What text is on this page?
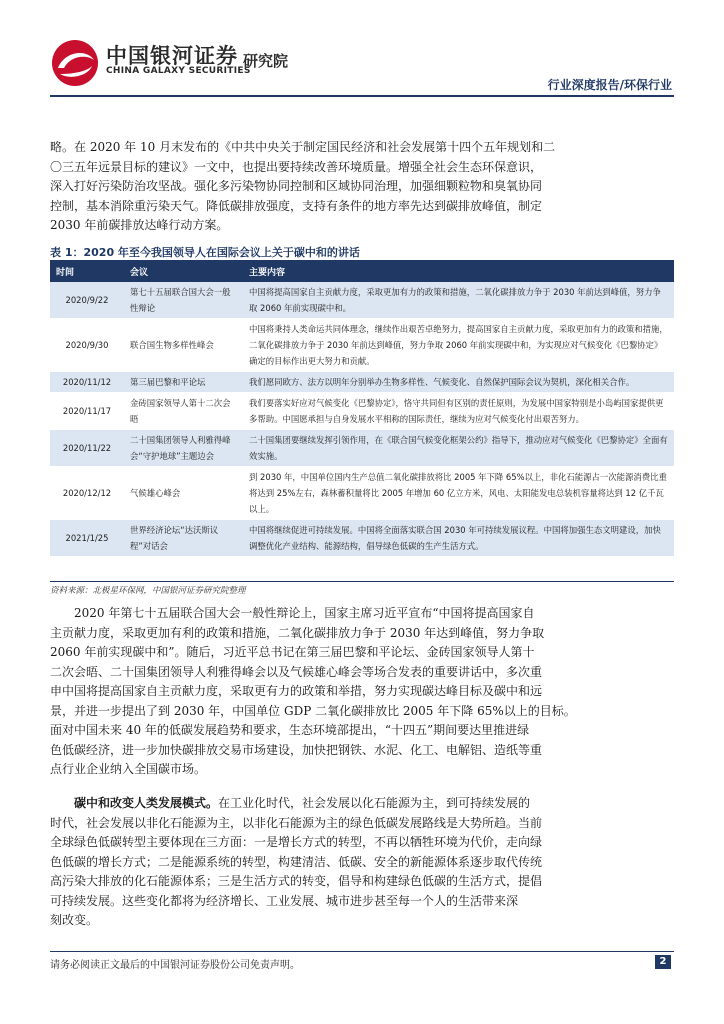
中国银河证券 研究院
CHINA GALAXY SECURITIES
行业深度报告/环保行业
略。在 2020 年 10 月末发布的《中共中央关于制定国民经济和社会发展第十四个五年规划和二
〇三五年远景目标的建议》一文中，也提出要持续改善环境质量。增强全社会生态环保意识，
深入打好污染防治攻坚战。强化多污染物协同控制和区域协同治理，加强细颗粒物和臭氧协同
控制，基本消除重污染天气。降低碳排放强度，支持有条件的地方率先达到碳排放峰值，制定
2030 年前碳排放达峰行动方案。
表 1：2020 年至今我国领导人在国际会议上关于碳中和的讲话
时间	会议	主要内容
2020/9/22	第七十五届联合国大会一般性辩论	中国将提高国家自主贡献力度，采取更加有力的政策和措施，二氧化碳排放力争于 2030 年前达到峰值，努力争取 2060 年前实现碳中和。
2020/9/30	联合国生物多样性峰会	中国将秉持人类命运共同体理念，继续作出艰苦卓绝努力，提高国家自主贡献力度，采取更加有力的政策和措施，二氧化碳排放力争于 2030 年前达到峰值，努力争取 2060 年前实现碳中和，为实现应对气候变化《巴黎协定》确定的目标作出更大努力和贡献。
2020/11/12	第三届巴黎和平论坛	我们愿同欧方、法方以明年分别举办生物多样性、气候变化、自然保护国际会议为契机，深化相关合作。
2020/11/17	金砖国家领导人第十二次会晤	我们要落实好应对气候变化《巴黎协定》，恪守共同但有区别的责任原则，为发展中国家特别是小岛屿国家提供更多帮助。中国愿承担与自身发展水平相称的国际责任，继续为应对气候变化付出艰苦努力。
2020/11/22	二十国集团领导人利雅得峰会“守护地球”主题边会	二十国集团要继续发挥引领作用，在《联合国气候变化框架公约》指导下，推动应对气候变化《巴黎协定》全面有效实施。
2020/12/12	气候雄心峰会	到 2030 年，中国单位国内生产总值二氧化碳排放将比 2005 年下降 65%以上，非化石能源占一次能源消费比重将达到 25%左右，森林蓄积量将比 2005 年增加 60 亿立方米，风电、太阳能发电总装机容量将达到 12 亿千瓦以上。
2021/1/25	世界经济论坛“达沃斯议程”对话会	中国将继续促进可持续发展。中国将全面落实联合国 2030 年可持续发展议程。中国将加强生态文明建设，加快调整优化产业结构、能源结构，倡导绿色低碳的生产生活方式。
资料来源：北极星环保网，中国银河证券研究院整理
2020 年第七十五届联合国大会一般性辩论上，国家主席习近平宣布“中国将提高国家自
主贡献力度，采取更加有利的政策和措施，二氧化碳排放力争于 2030 年达到峰值，努力争取
2060 年前实现碳中和”。随后，习近平总书记在第三届巴黎和平论坛、金砖国家领导人第十
二次会晤、二十国集团领导人利雅得峰会以及气候雄心峰会等场合发表的重要讲话中，多次重
申中国将提高国家自主贡献力度，采取更有力的政策和举措，努力实现碳达峰目标及碳中和远
景，并进一步提出了到 2030 年，中国单位 GDP 二氧化碳排放比 2005 年下降 65%以上的目标。
面对中国未来 40 年的低碳发展趋势和要求，生态环境部提出，“十四五”期间要达里推进绿
色低碳经济，进一步加快碳排放交易市场建设，加快把钢铁、水泥、化工、电解铝、造纸等重
点行业企业纳入全国碳市场。
碳中和改变人类发展模式。在工业化时代，社会发展以化石能源为主，到可持续发展的
时代，社会发展以非化石能源为主，以非化石能源为主的绿色低碳发展路线是大势所趋。当前
全球绿色低碳转型主要体现在三方面：一是增长方式的转型，不再以牺牲环境为代价，走向绿
色低碳的增长方式；二是能源系统的转型，构建清洁、低碳、安全的新能源体系逐步取代传统
高污染大排放的化石能源体系；三是生活方式的转变，倡导和构建绿色低碳的生活方式，提倡
可持续发展。这些变化都将为经济增长、工业发展、城市进步甚至每一个人的生活带来深
刻改变。
请务必阅读正文最后的中国银河证券股份公司免责声明。	2
